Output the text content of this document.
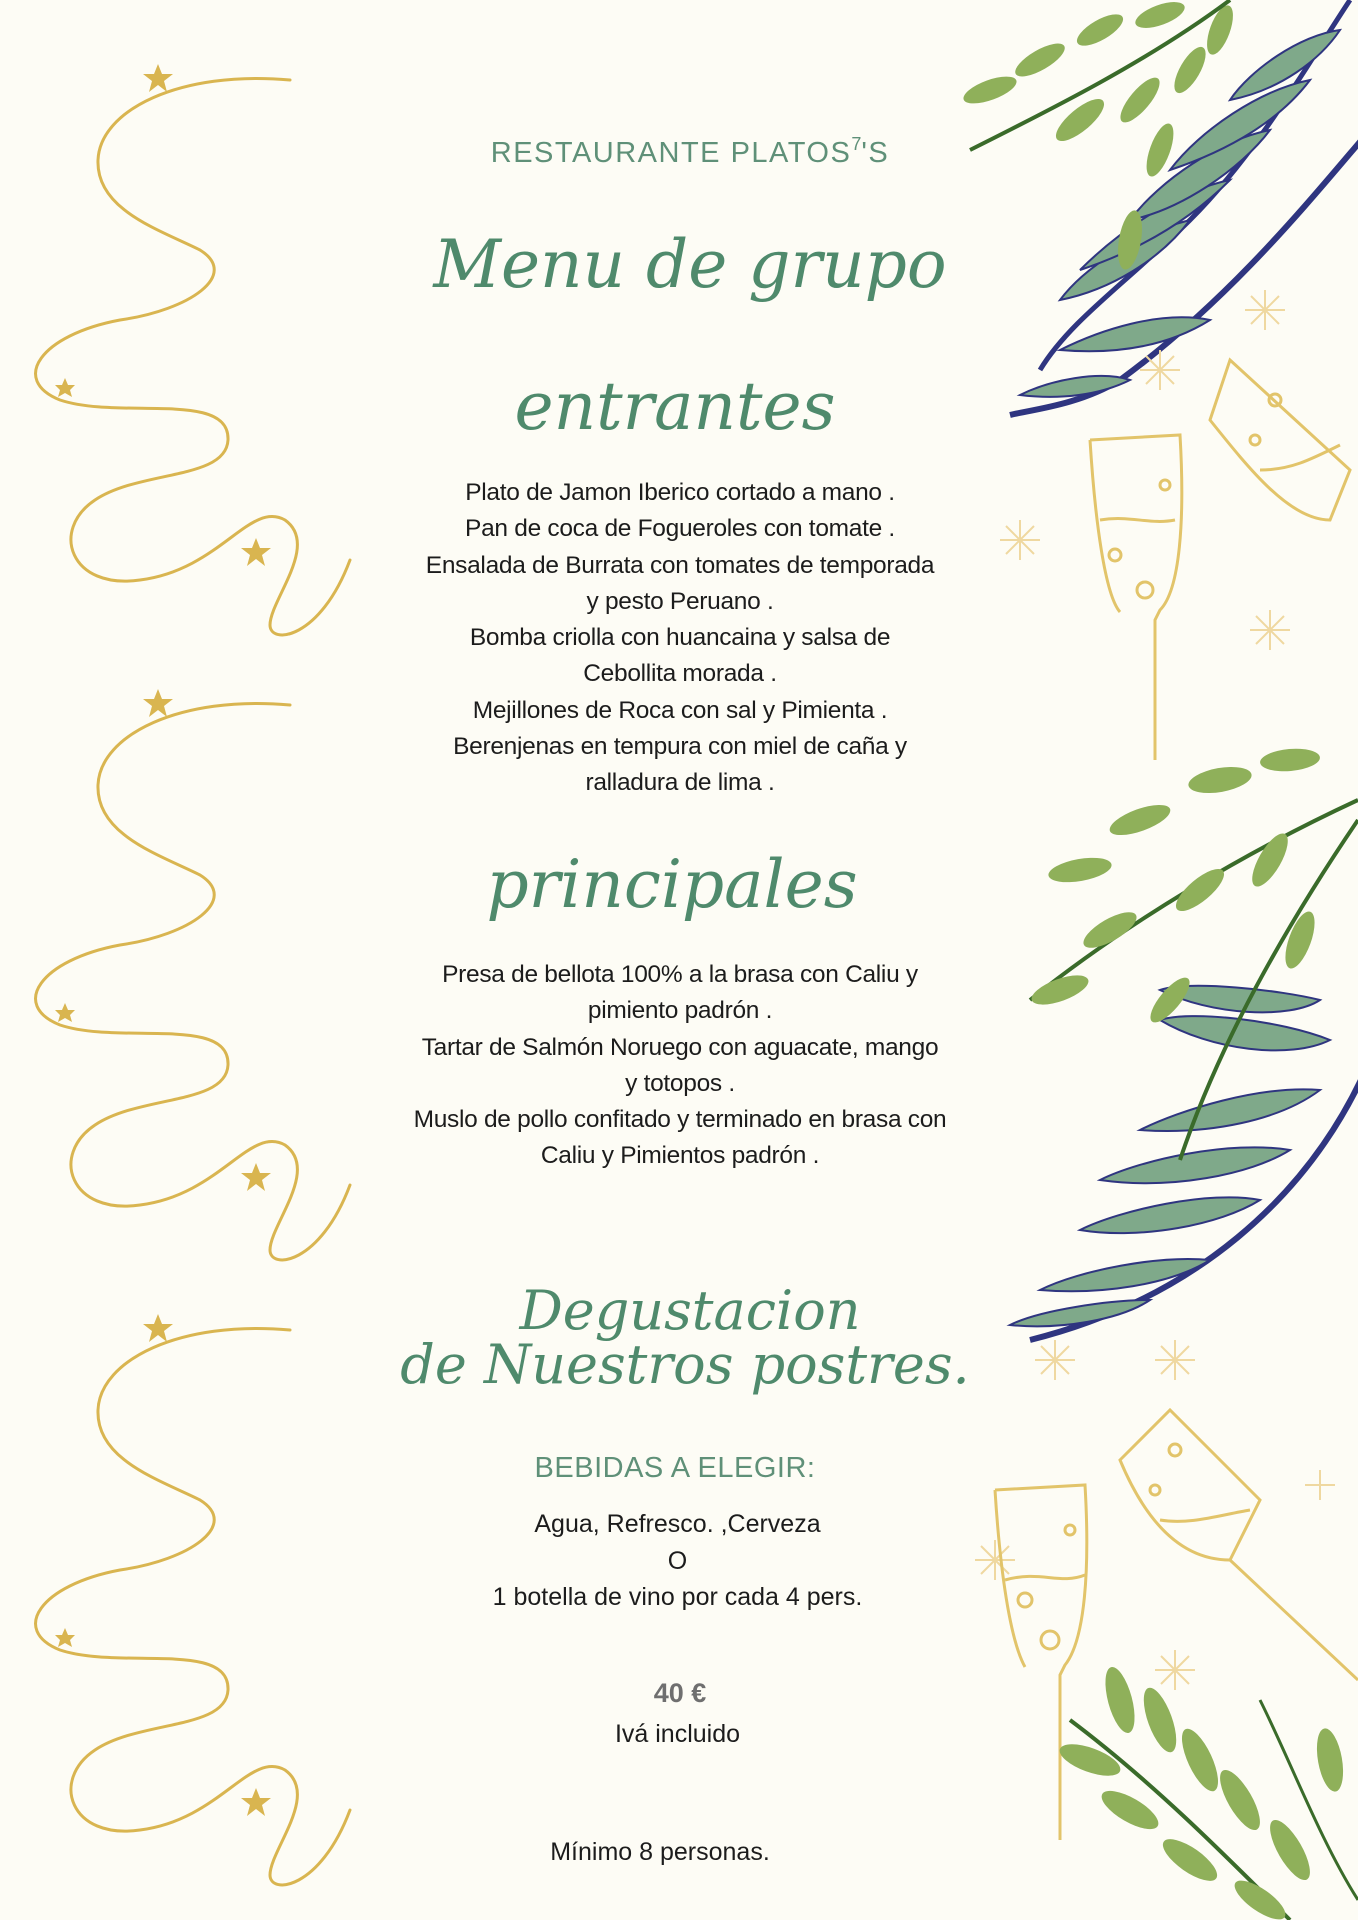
RESTAURANTE PLATOS$^7$'S
Menu de grupo
entrantes
Plato de Jamon Iberico cortado a mano .
Pan de coca de Fogueroles con tomate .
Ensalada de Burrata con tomates de temporada
y pesto Peruano .
Bomba criolla con huancaina y salsa de
Cebollita morada .
Mejillones de Roca con sal y Pimienta .
Berenjenas en tempura con miel de caña y
ralladura de lima .
principales
Presa de bellota 100% a la brasa con Caliu y
pimiento padrón .
Tartar de Salmón Noruego con aguacate, mango
y totopos .
Muslo de pollo confitado y terminado en brasa con
Caliu y Pimientos padrón .
Degustacion
de Nuestros postres.
BEBIDAS A ELEGIR:
Agua, Refresco. ,Cerveza
O
1 botella de vino por cada 4 pers.
40 €
Ivá incluido
Mínimo 8 personas.
